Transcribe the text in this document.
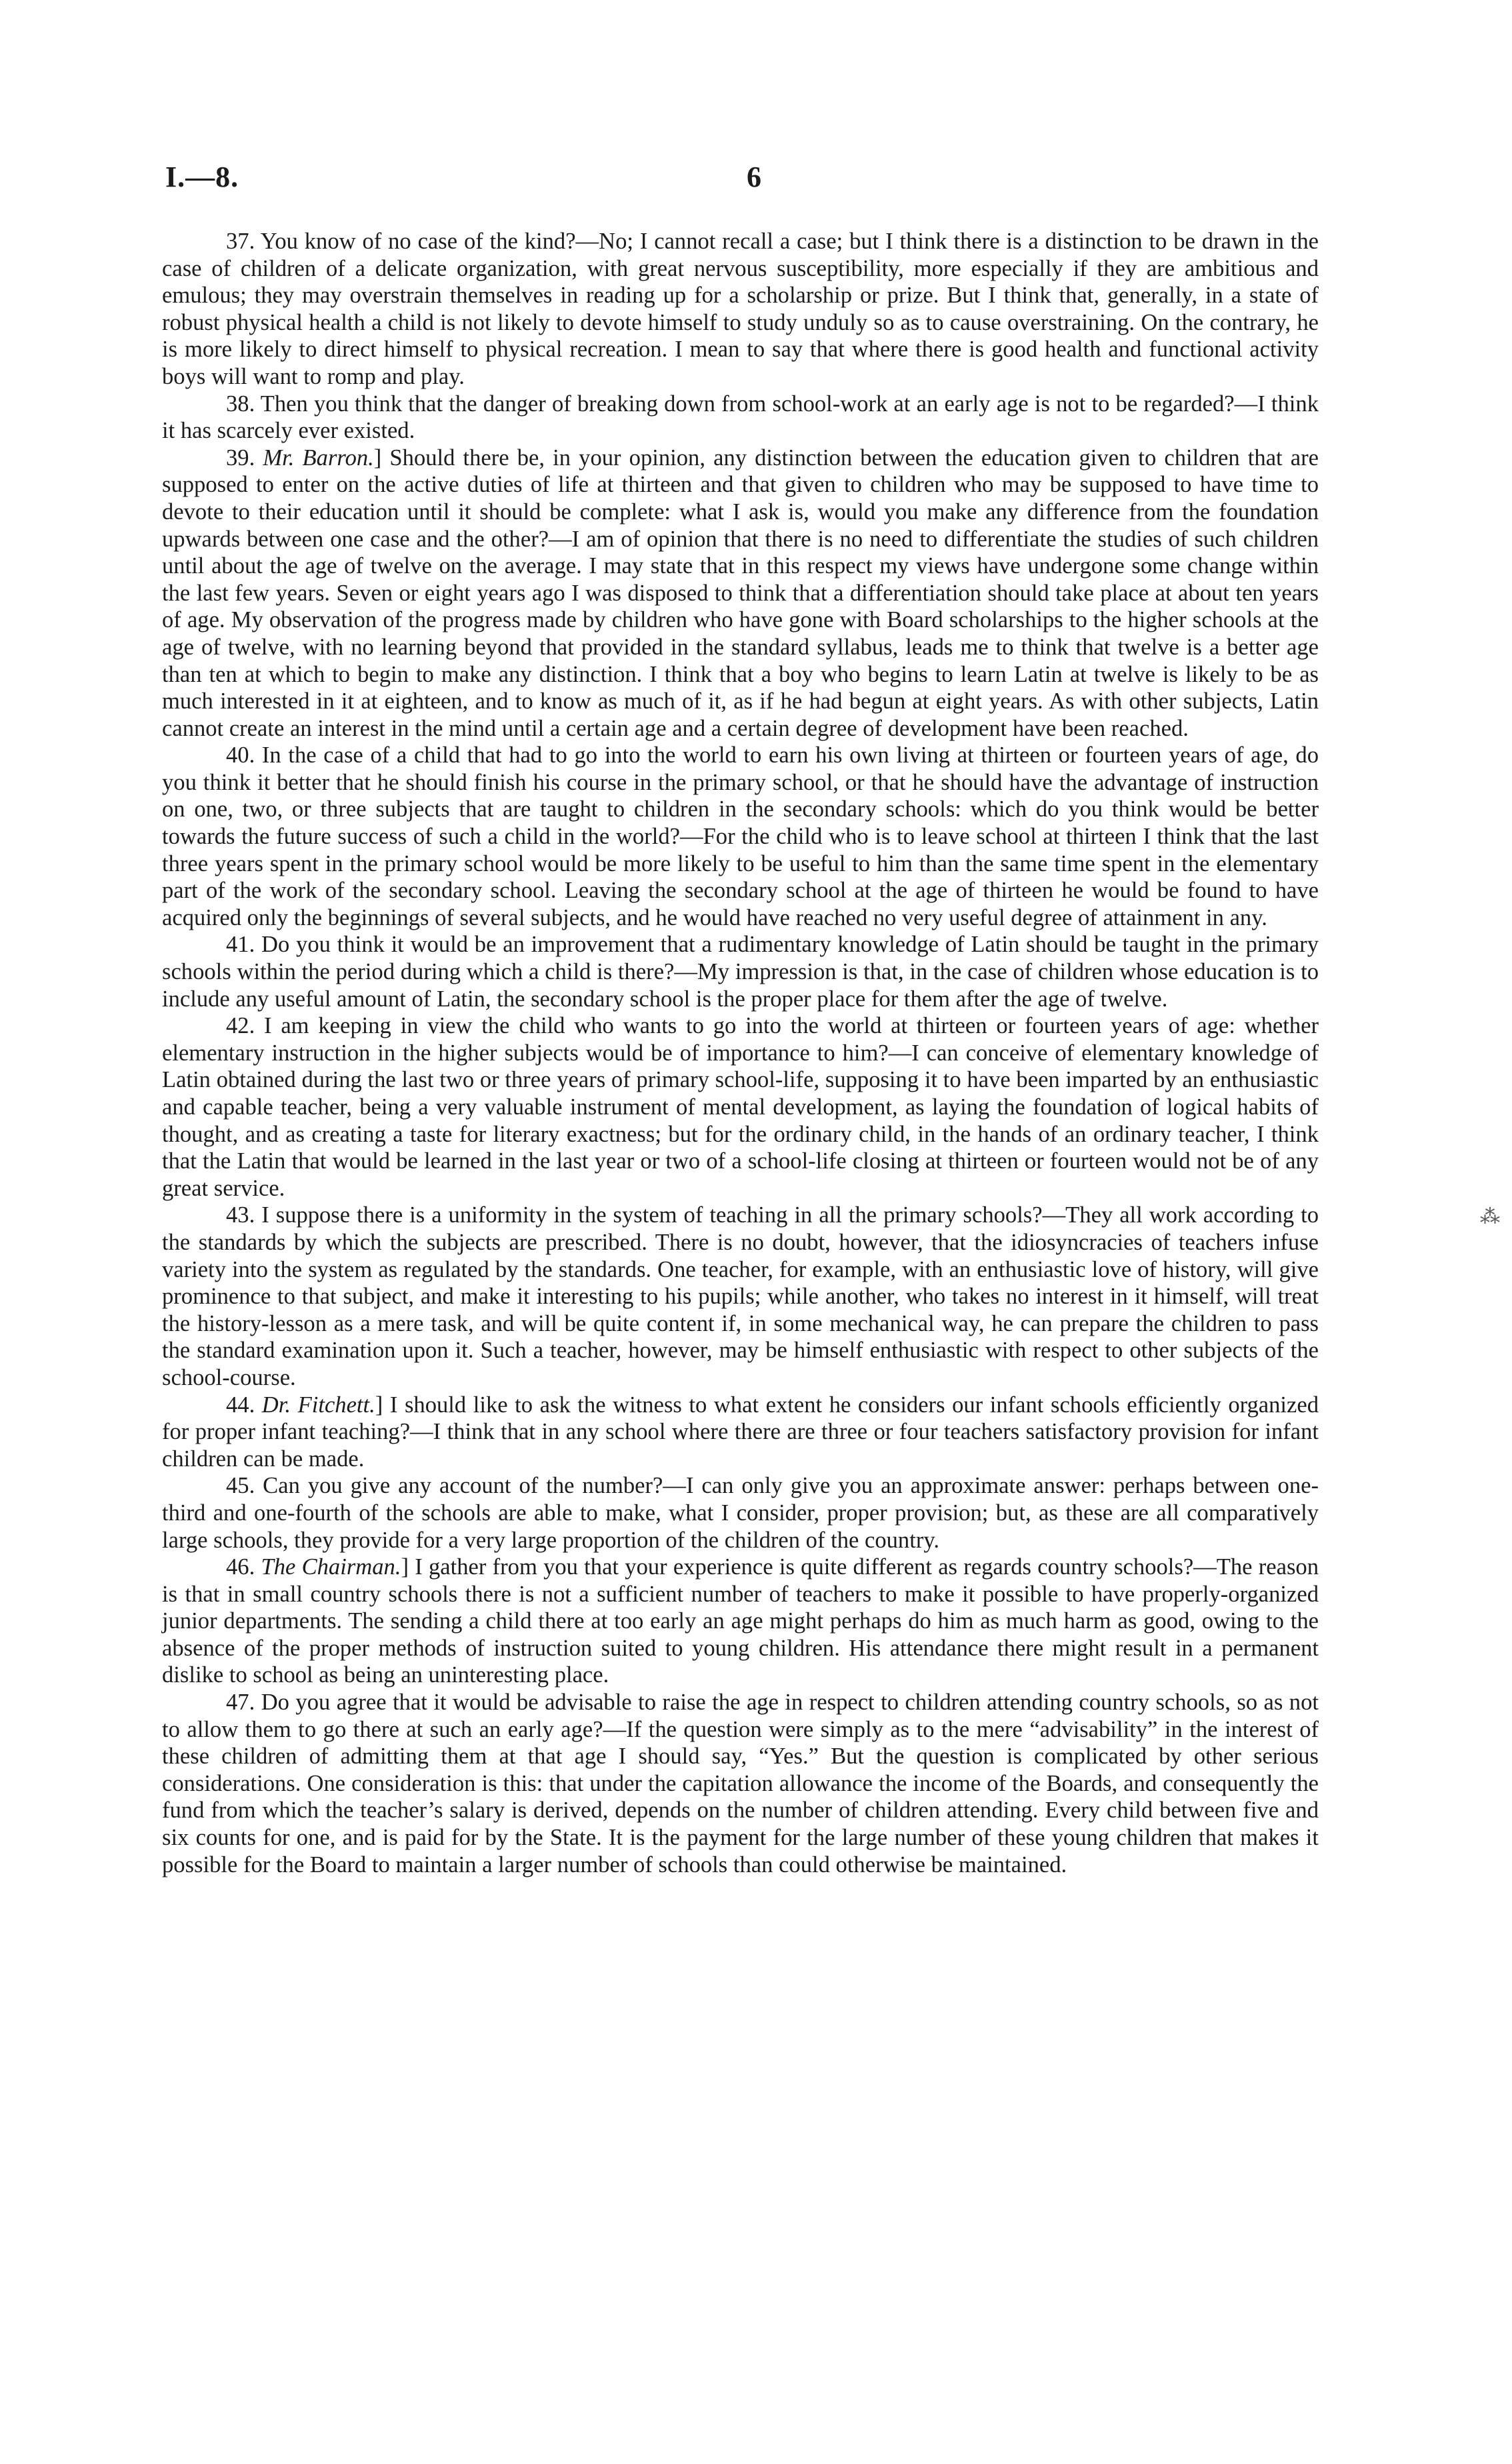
I.—8.	6

37. You know of no case of the kind?—No; I cannot recall a case; but I think there is a distinction to be drawn in the case of children of a delicate organization, with great nervous susceptibility, more especially if they are ambitious and emulous; they may overstrain themselves in reading up for a scholarship or prize. But I think that, generally, in a state of robust physical health a child is not likely to devote himself to study unduly so as to cause overstraining. On the contrary, he is more likely to direct himself to physical recreation. I mean to say that where there is good health and functional activity boys will want to romp and play.

38. Then you think that the danger of breaking down from school-work at an early age is not to be regarded?—I think it has scarcely ever existed.

39. Mr. Barron.] Should there be, in your opinion, any distinction between the education given to children that are supposed to enter on the active duties of life at thirteen and that given to children who may be supposed to have time to devote to their education until it should be complete: what I ask is, would you make any difference from the foundation upwards between one case and the other?—I am of opinion that there is no need to differentiate the studies of such children until about the age of twelve on the average. I may state that in this respect my views have undergone some change within the last few years. Seven or eight years ago I was disposed to think that a differentiation should take place at about ten years of age. My observation of the progress made by children who have gone with Board scholarships to the higher schools at the age of twelve, with no learning beyond that provided in the standard syllabus, leads me to think that twelve is a better age than ten at which to begin to make any distinction. I think that a boy who begins to learn Latin at twelve is likely to be as much interested in it at eighteen, and to know as much of it, as if he had begun at eight years. As with other subjects, Latin cannot create an interest in the mind until a certain age and a certain degree of development have been reached.

40. In the case of a child that had to go into the world to earn his own living at thirteen or fourteen years of age, do you think it better that he should finish his course in the primary school, or that he should have the advantage of instruction on one, two, or three subjects that are taught to children in the secondary schools: which do you think would be better towards the future success of such a child in the world?—For the child who is to leave school at thirteen I think that the last three years spent in the primary school would be more likely to be useful to him than the same time spent in the elementary part of the work of the secondary school. Leaving the secondary school at the age of thirteen he would be found to have acquired only the beginnings of several subjects, and he would have reached no very useful degree of attainment in any.

41. Do you think it would be an improvement that a rudimentary knowledge of Latin should be taught in the primary schools within the period during which a child is there?—My impression is that, in the case of children whose education is to include any useful amount of Latin, the secondary school is the proper place for them after the age of twelve.

42. I am keeping in view the child who wants to go into the world at thirteen or fourteen years of age: whether elementary instruction in the higher subjects would be of importance to him?—I can conceive of elementary knowledge of Latin obtained during the last two or three years of primary school-life, supposing it to have been imparted by an enthusiastic and capable teacher, being a very valuable instrument of mental development, as laying the foundation of logical habits of thought, and as creating a taste for literary exactness; but for the ordinary child, in the hands of an ordinary teacher, I think that the Latin that would be learned in the last year or two of a school-life closing at thirteen or fourteen would not be of any great service.

43. I suppose there is a uniformity in the system of teaching in all the primary schools?—They all work according to the standards by which the subjects are prescribed. There is no doubt, however, that the idiosyncracies of teachers infuse variety into the system as regulated by the standards. One teacher, for example, with an enthusiastic love of history, will give prominence to that subject, and make it interesting to his pupils; while another, who takes no interest in it himself, will treat the history-lesson as a mere task, and will be quite content if, in some mechanical way, he can prepare the children to pass the standard examination upon it. Such a teacher, however, may be himself enthusiastic with respect to other subjects of the school-course.

44. Dr. Fitchett.] I should like to ask the witness to what extent he considers our infant schools efficiently organized for proper infant teaching?—I think that in any school where there are three or four teachers satisfactory provision for infant children can be made.

45. Can you give any account of the number?—I can only give you an approximate answer: perhaps between one-third and one-fourth of the schools are able to make, what I consider, proper provision; but, as these are all comparatively large schools, they provide for a very large proportion of the children of the country.

46. The Chairman.] I gather from you that your experience is quite different as regards country schools?—The reason is that in small country schools there is not a sufficient number of teachers to make it possible to have properly-organized junior departments. The sending a child there at too early an age might perhaps do him as much harm as good, owing to the absence of the proper methods of instruction suited to young children. His attendance there might result in a permanent dislike to school as being an uninteresting place.

47. Do you agree that it would be advisable to raise the age in respect to children attending country schools, so as not to allow them to go there at such an early age?—If the question were simply as to the mere “advisability” in the interest of these children of admitting them at that age I should say, “Yes.” But the question is complicated by other serious considerations. One consideration is this: that under the capitation allowance the income of the Boards, and consequently the fund from which the teacher’s salary is derived, depends on the number of children attending. Every child between five and six counts for one, and is paid for by the State. It is the payment for the large number of these young children that makes it possible for the Board to maintain a larger number of schools than could otherwise be maintained.

⁂
